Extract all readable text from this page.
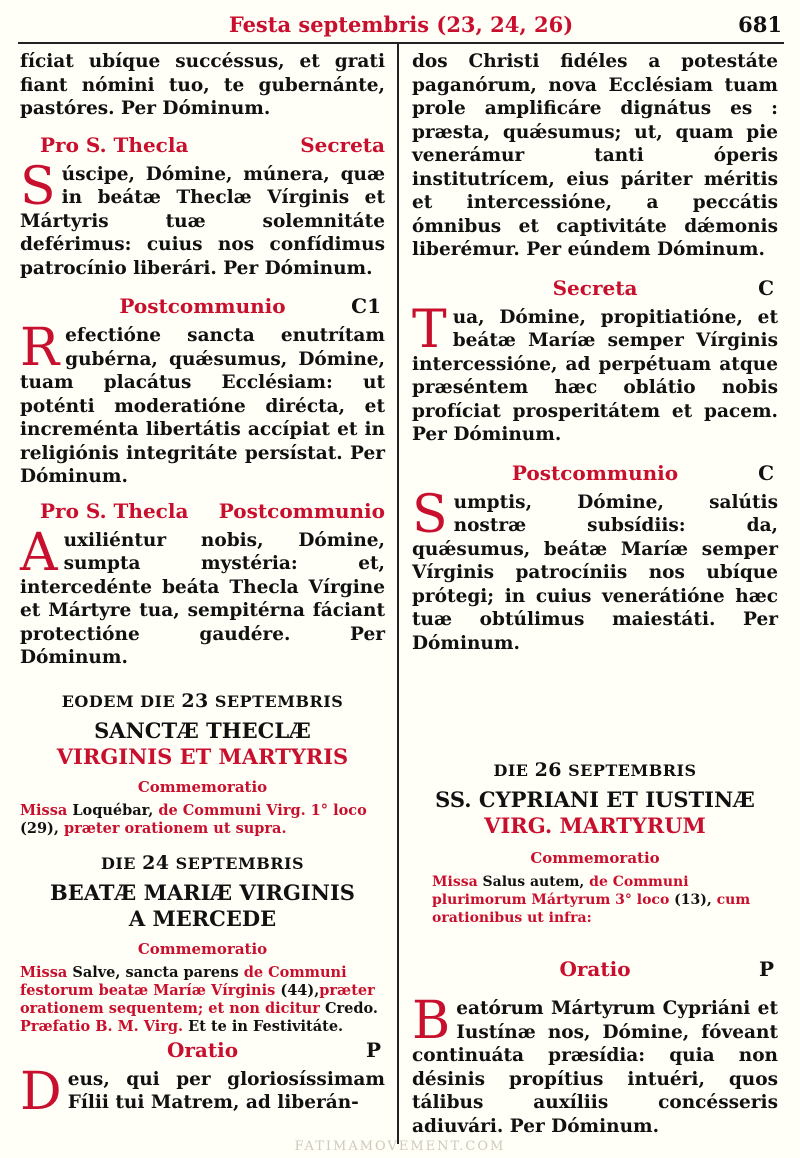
Festa septembris (23, 24, 26)	681

fíciat ubíque succéssus, et grati fiant nómini tuo, te gubernánte, pastóres. Per Dóminum.

Pro S. Thecla	Secreta

Súscipe, Dómine, múnera, quæ in beátæ Theclæ Vírginis et Mártyris tuæ solemnitáte deférimus: cuius nos confídimus patrocínio liberári. Per Dóminum.

Postcommunio	C1

Refectióne sancta enutrítam gubérna, quǽsumus, Dómine, tuam placátus Ecclésiam: ut poténti moderatióne dirécta, et increménta libertátis accípiat et in religiónis integritáte persístat. Per Dóminum.

Pro S. Thecla Postcommunio

Auxiliéntur nobis, Dómine, sumpta mystéria: et, intercedénte beáta Thecla Vírgine et Mártyre tua, sempitérna fáciant protectióne gaudére. Per Dóminum.

EODEM DIE 23 SEPTEMBRIS
SANCTÆ THECLÆ
VIRGINIS ET MARTYRIS
Commemoratio

Missa Loquébar, de Communi Virg. 1° loco (29), præter orationem ut supra.

DIE 24 SEPTEMBRIS
BEATÆ MARIÆ VIRGINIS
A MERCEDE
Commemoratio

Missa Salve, sancta parens de Communi festorum beatæ Maríæ Vírginis (44),præter orationem sequentem; et non dicitur Credo. Præfatio B. M. Virg. Et te in Festivitáte.

Oratio	P

Deus, qui per gloriosíssimam Fílii tui Matrem, ad liberán-

dos Christi fidéles a potestáte paganórum, nova Ecclésiam tuam prole amplificáre dignátus es : præsta, quǽsumus; ut, quam pie venerámur tanti óperis institutrícem, eius páriter méritis et intercessióne, a peccátis ómnibus et captivitáte dǽmonis liberémur. Per eúndem Dóminum.

Secreta	C

Tua, Dómine, propitiatióne, et beátæ Maríæ semper Vírginis intercessióne, ad perpétuam atque præséntem hæc oblátio nobis profíciat prosperitátem et pacem. Per Dóminum.

Postcommunio	C

Sumptis, Dómine, salútis nostræ subsídiis: da, quǽsumus, beátæ Maríæ semper Vírginis patrocíniis nos ubíque prótegi; in cuius venerátióne hæc tuæ obtúlimus maiestáti. Per Dóminum.

DIE 26 SEPTEMBRIS
SS. CYPRIANI ET IUSTINÆ
VIRG. MARTYRUM
Commemoratio

Missa Salus autem, de Communi plurimorum Mártyrum 3° loco (13), cum orationibus ut infra:

Oratio	P

Beatórum Mártyrum Cypriáni et Iustínæ nos, Dómine, fóveant continuáta præsídia: quia non désinis propítius intuéri, quos tálibus auxíliis concésseris adiuvári. Per Dóminum.

FATIMAMOVEMENT.COM
